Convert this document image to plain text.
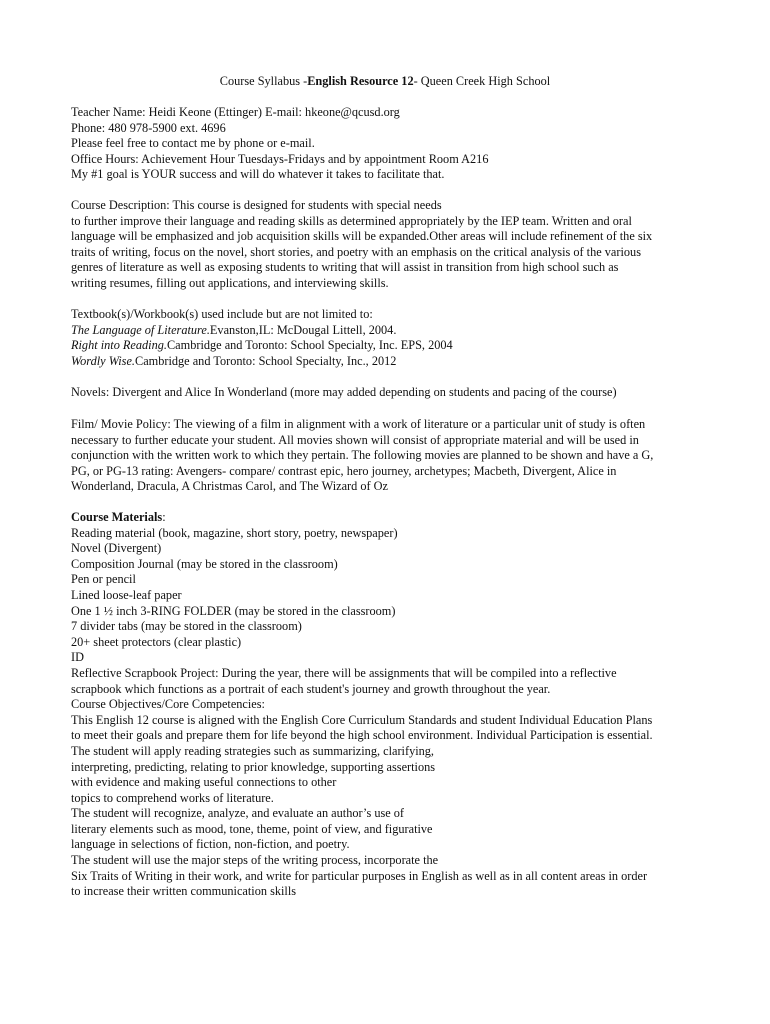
Course Syllabus -English Resource 12- Queen Creek High School
Teacher Name: Heidi Keone (Ettinger) E-mail: hkeone@qcusd.org
Phone: 480 978-5900 ext. 4696
Please feel free to contact me by phone or e-mail.
Office Hours: Achievement Hour Tuesdays-Fridays and by appointment Room A216
My #1 goal is YOUR success and will do whatever it takes to facilitate that.
Course Description: This course is designed for students with special needs
to further improve their language and reading skills as determined appropriately by the IEP team. Written and oral
language will be emphasized and job acquisition skills will be expanded.Other areas will include refinement of the six
traits of writing, focus on the novel, short stories, and poetry with an emphasis on the critical analysis of the various
genres of literature as well as exposing students to writing that will assist in transition from high school such as
writing resumes, filling out applications, and interviewing skills.
Textbook(s)/Workbook(s) used include but are not limited to:
The Language of Literature.Evanston,IL: McDougal Littell, 2004.
Right into Reading.Cambridge and Toronto: School Specialty, Inc. EPS, 2004
Wordly Wise.Cambridge and Toronto: School Specialty, Inc., 2012
Novels: Divergent and Alice In Wonderland (more may added depending on students and pacing of the course)
Film/ Movie Policy: The viewing of a film in alignment with a work of literature or a particular unit of study is often
necessary to further educate your student. All movies shown will consist of appropriate material and will be used in
conjunction with the written work to which they pertain. The following movies are planned to be shown and have a G,
PG, or PG-13 rating: Avengers- compare/ contrast epic, hero journey, archetypes; Macbeth, Divergent, Alice in
Wonderland, Dracula, A Christmas Carol, and The Wizard of Oz
Course Materials:
Reading material (book, magazine, short story, poetry, newspaper)
Novel (Divergent)
Composition Journal (may be stored in the classroom)
Pen or pencil
Lined loose-leaf paper
One 1 ½ inch 3-RING FOLDER (may be stored in the classroom)
7 divider tabs (may be stored in the classroom)
20+ sheet protectors (clear plastic)
ID
Reflective Scrapbook Project: During the year, there will be assignments that will be compiled into a reflective
scrapbook which functions as a portrait of each student's journey and growth throughout the year.
Course Objectives/Core Competencies:
This English 12 course is aligned with the English Core Curriculum Standards and student Individual Education Plans
to meet their goals and prepare them for life beyond the high school environment. Individual Participation is essential.
The student will apply reading strategies such as summarizing, clarifying,
interpreting, predicting, relating to prior knowledge, supporting assertions
with evidence and making useful connections to other
topics to comprehend works of literature.
The student will recognize, analyze, and evaluate an author’s use of
literary elements such as mood, tone, theme, point of view, and figurative
language in selections of fiction, non-fiction, and poetry.
The student will use the major steps of the writing process, incorporate the
Six Traits of Writing in their work, and write for particular purposes in English as well as in all content areas in order
to increase their written communication skills
